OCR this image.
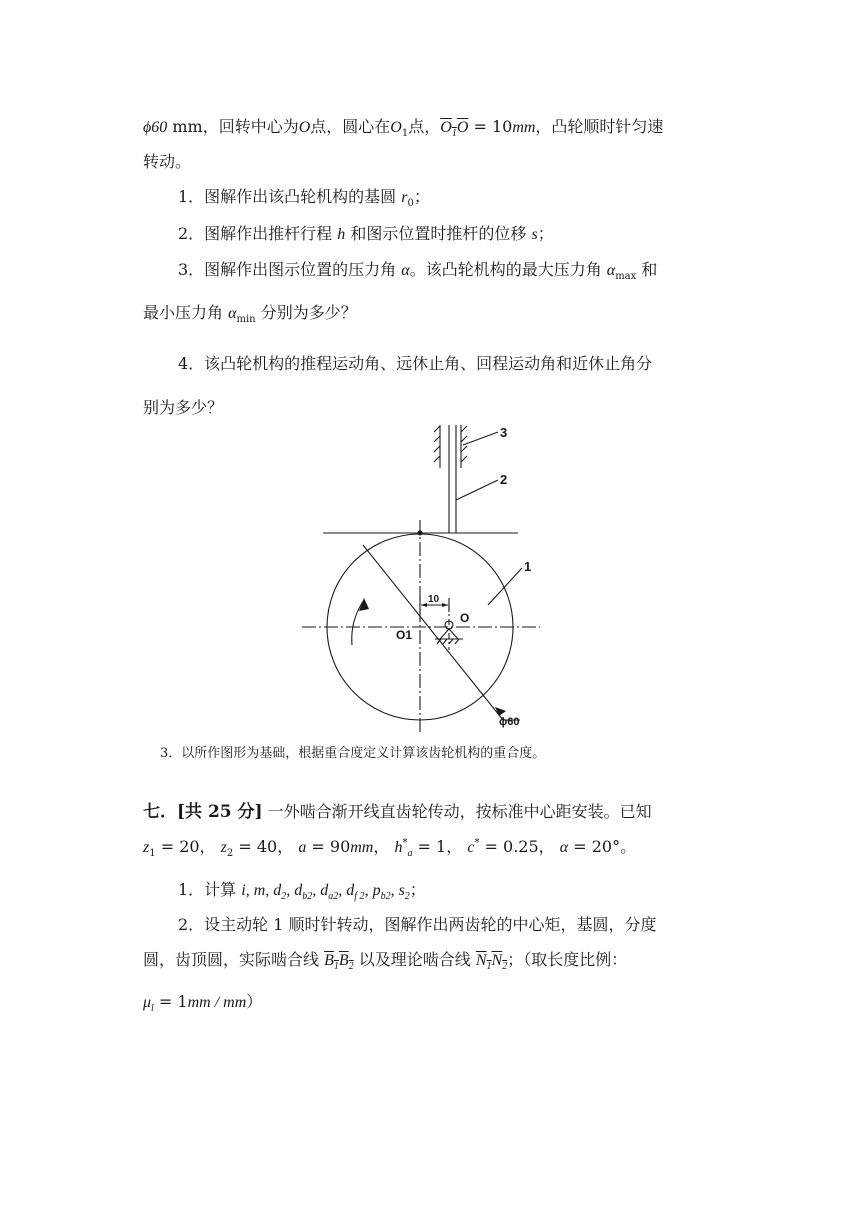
ϕ60 mm，回转中心为O点，圆心在$O_1$点，$O_1O = 10mm$，凸轮顺时针匀速
转动。
1．图解作出该凸轮机构的基圆 $r_0$；
2．图解作出推杆行程 h 和图示位置时推杆的位移 s；
3．图解作出图示位置的压力角 α。该凸轮机构的最大压力角 $\alpha_{max}$ 和
最小压力角 $\alpha_{min}$ 分别为多少？
4．该凸轮机构的推程运动角、远休止角、回程运动角和近休止角分
别为多少？
3
2
1
10
O
O1
ϕ60
3．以所作图形为基础，根据重合度定义计算该齿轮机构的重合度。
七．[共 25 分] 一外啮合渐开线直齿轮传动，按标准中心距安装。已知
$z_1 = 20$， $z_2 = 40$， a = 90mm， $h^*_a = 1$， c* = 0.25， α = 20°。
1．计算 i, m, $d_2$, $d_{b2}$, $d_{a2}$, $d_{f 2}$, $p_{b2}$, $s_2$；
2．设主动轮 1 顺时针转动，图解作出两齿轮的中心矩，基圆，分度
圆，齿顶圆，实际啮合线 $B_1B_2$ 以及理论啮合线 $N_1N_2$；（取长度比例：
$\mu_l = 1mm / mm$）
